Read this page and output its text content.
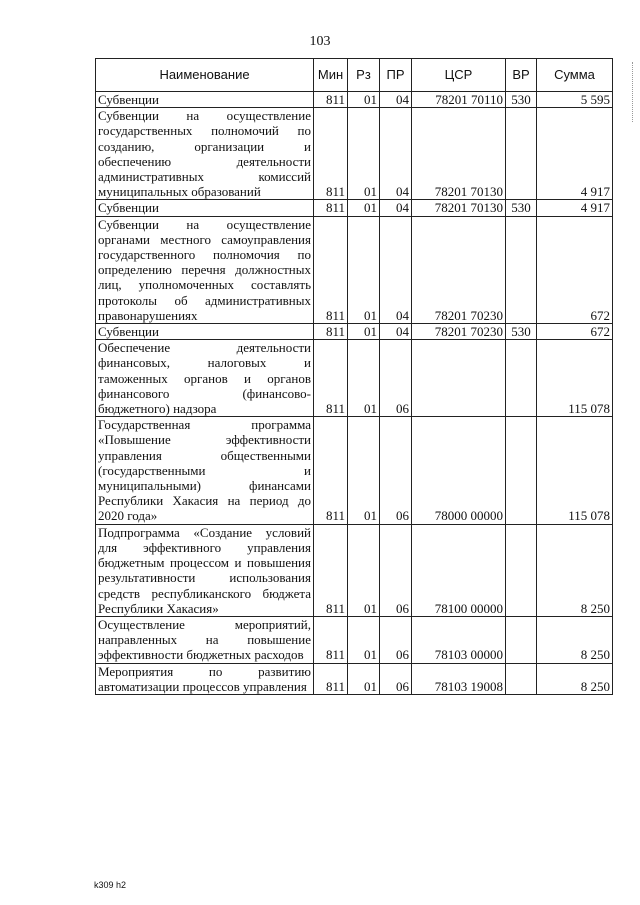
103
Наименование	Мин	Рз	ПР	ЦСР	ВР	Сумма
Субвенции	811	01	04	78201 70110	530	5 595
Субвенции на осуществление государственных полномочий по созданию, организации и обеспечению деятельности административных комиссий муниципальных образований	811	01	04	78201 70130		4 917
Субвенции	811	01	04	78201 70130	530	4 917
Субвенции на осуществление органами местного самоуправления государственного полномочия по определению перечня должностных лиц, уполномоченных составлять протоколы об административных правонарушениях	811	01	04	78201 70230		672
Субвенции	811	01	04	78201 70230	530	672
Обеспечение деятельности финансовых, налоговых и таможенных органов и органов финансового (финансово-бюджетного) надзора	811	01	06			115 078
Государственная программа «Повышение эффективности управления общественными (государственными и муниципальными) финансами Республики Хакасия на период до 2020 года»	811	01	06	78000 00000		115 078
Подпрограмма «Создание условий для эффективного управления бюджетным процессом и повышения результативности использования средств республиканского бюджета Республики Хакасия»	811	01	06	78100 00000		8 250
Осуществление мероприятий, направленных на повышение эффективности бюджетных расходов	811	01	06	78103 00000		8 250
Мероприятия по развитию автоматизации процессов управления	811	01	06	78103 19008		8 250
k309 h2
